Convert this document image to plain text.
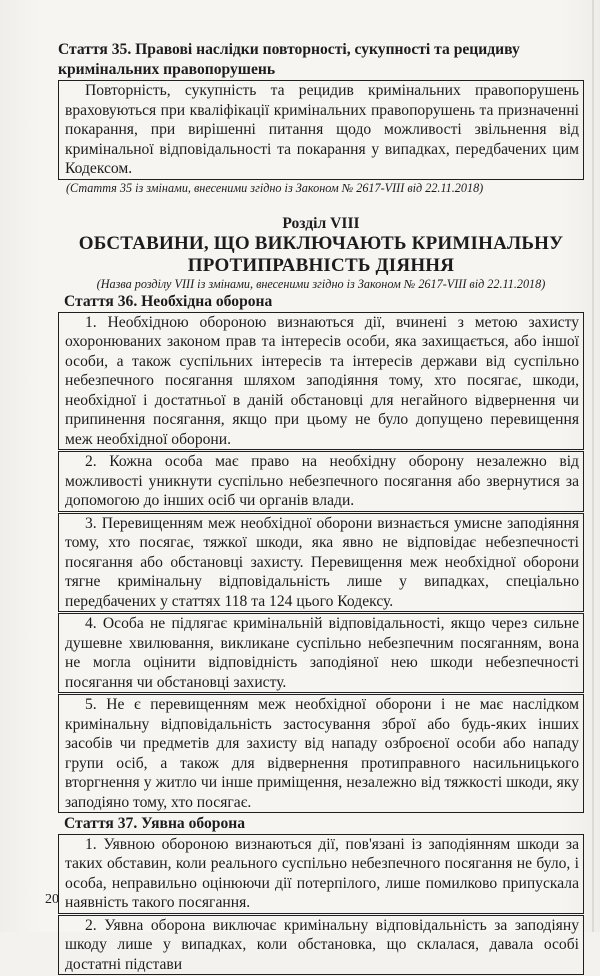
Стаття 35. Правові наслідки повторності, сукупності та рецидиву кримінальних правопорушень

Повторність, сукупність та рецидив кримінальних правопорушень враховуються при кваліфікації кримінальних правопорушень та призначенні покарання, при вирішенні питання щодо можливості звільнення від кримінальної відповідальності та покарання у випадках, передбачених цим Кодексом.

(Стаття 35 із змінами, внесеними згідно із Законом № 2617-VIII від 22.11.2018)

Розділ VIII

ОБСТАВИНИ, ЩО ВИКЛЮЧАЮТЬ КРИМІНАЛЬНУ

ПРОТИПРАВНІСТЬ ДІЯННЯ

(Назва розділу VIII із змінами, внесеними згідно із Законом № 2617-VIII від 22.11.2018)

Стаття 36. Необхідна оборона

1. Необхідною обороною визнаються дії, вчинені з метою захисту охоронюваних законом прав та інтересів особи, яка захищається, або іншої особи, а також суспільних інтересів та інтересів держави від суспільно небезпечного посягання шляхом заподіяння тому, хто посягає, шкоди, необхідної і достатньої в даній обстановці для негайного відвернення чи припинення посягання, якщо при цьому не було допущено перевищення меж необхідної оборони.

2. Кожна особа має право на необхідну оборону незалежно від можливості уникнути суспільно небезпечного посягання або звернутися за допомогою до інших осіб чи органів влади.

3. Перевищенням меж необхідної оборони визнається умисне заподіяння тому, хто посягає, тяжкої шкоди, яка явно не відповідає небезпечності посягання або обстановці захисту. Перевищення меж необхідної оборони тягне кримінальну відповідальність лише у випадках, спеціально передбачених у статтях 118 та 124 цього Кодексу.

4. Особа не підлягає кримінальній відповідальності, якщо через сильне душевне хвилювання, викликане суспільно небезпечним посяганням, вона не могла оцінити відповідність заподіяної нею шкоди небезпечності посягання чи обстановці захисту.

5. Не є перевищенням меж необхідної оборони і не має наслідком кримінальну відповідальність застосування зброї або будь-яких інших засобів чи предметів для захисту від нападу озброєної особи або нападу групи осіб, а також для відвернення протиправного насильницького вторгнення у житло чи інше приміщення, незалежно від тяжкості шкоди, яку заподіяно тому, хто посягає.

Стаття 37. Уявна оборона

1. Уявною обороною визнаються дії, пов'язані із заподіянням шкоди за таких обставин, коли реального суспільно небезпечного посягання не було, і особа, неправильно оцінюючи дії потерпілого, лише помилково припускала наявність такого посягання.

2. Уявна оборона виключає кримінальну відповідальність за заподіяну шкоду лише у випадках, коли обстановка, що склалася, давала особі достатні підстави

20
